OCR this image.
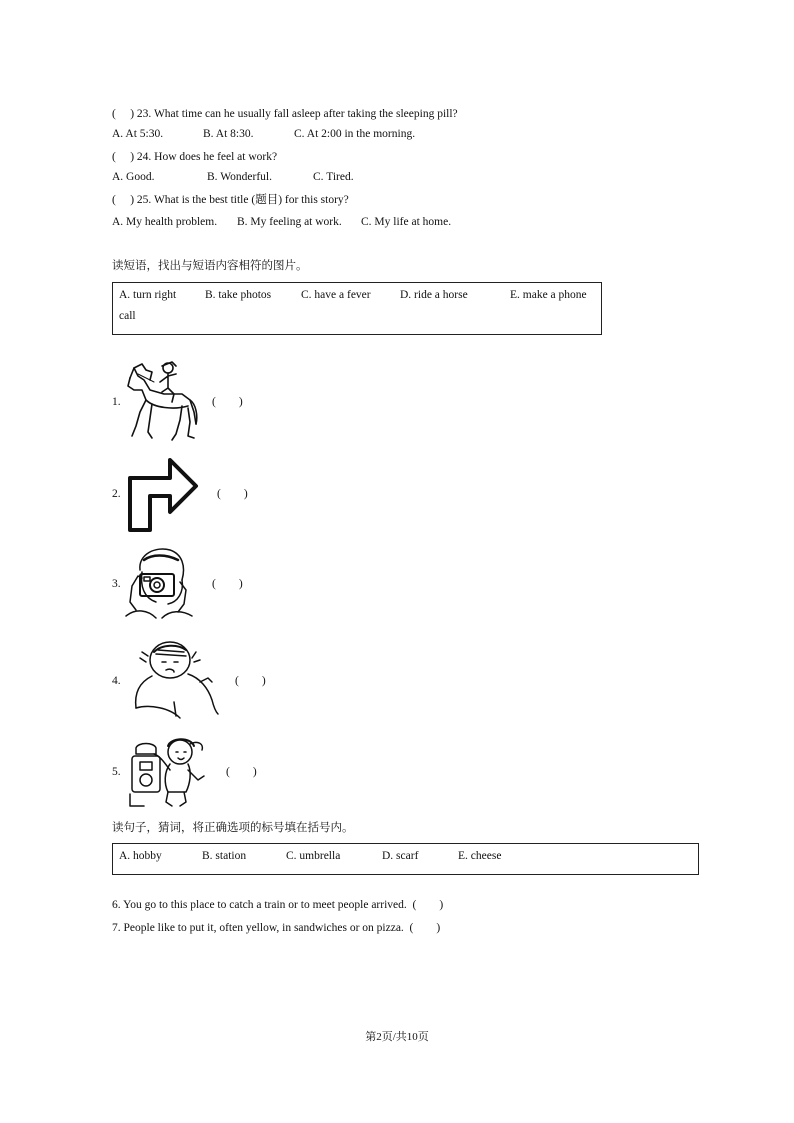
(     ) 23. What time can he usually fall asleep after taking the sleeping pill?
A. At 5:30.	B. At 8:30.	C. At 2:00 in the morning.
(     ) 24. How does he feel at work?
A. Good.	B. Wonderful.	C. Tired.
(     ) 25. What is the best title (题目) for this story?
A. My health problem. B. My feeling at work. C. My life at home.
读短语，找出与短语内容相符的图片。
A. turn right	B. take photos	C. have a fever	D. ride a horse	E. make a phone
call
1.	(        )
2.	(        )
3.	(        )
4.	(        )
5.	(        )
读句子，猜词，将正确选项的标号填在括号内。
A. hobby	B. station	C. umbrella	D. scarf	E. cheese
6. You go to this place to catch a train or to meet people arrived.  (        )
7. People like to put it, often yellow, in sandwiches or on pizza.  (        )
第2页/共10页
